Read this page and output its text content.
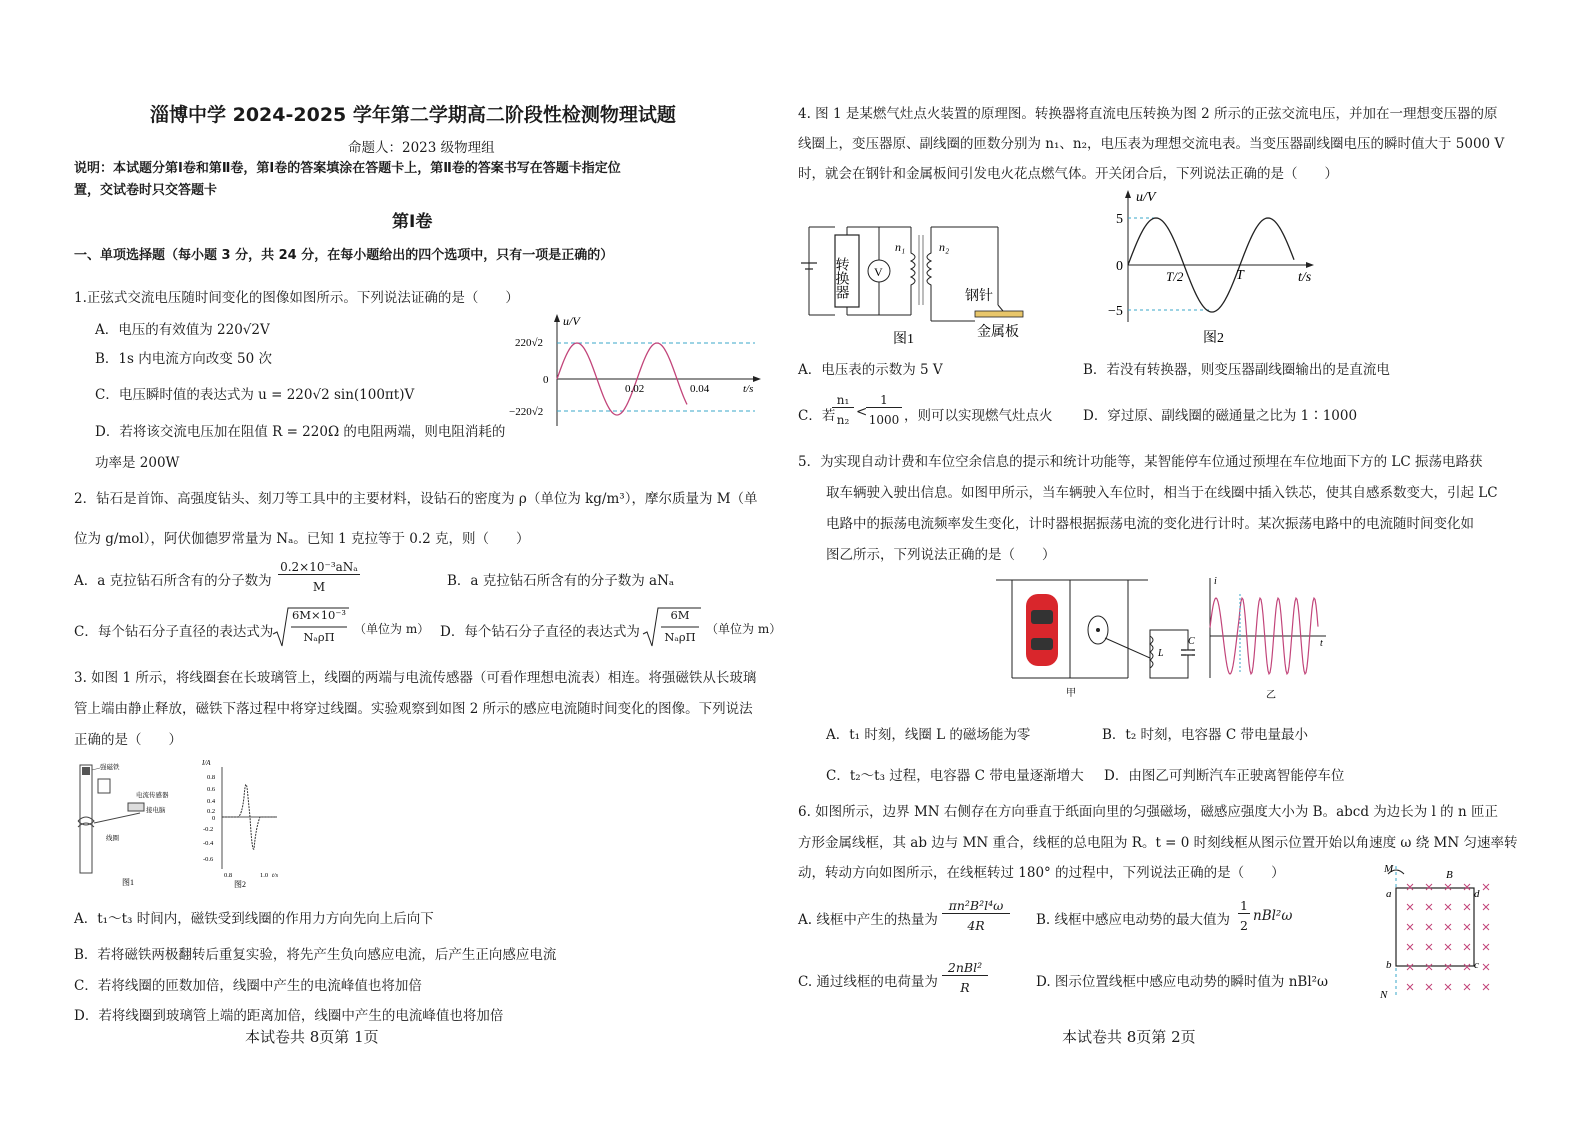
淄博中学 2024-2025 学年第二学期高二阶段性检测物理试题
命题人：2023 级物理组
说明：本试题分第Ⅰ卷和第Ⅱ卷，第Ⅰ卷的答案填涂在答题卡上，第Ⅱ卷的答案书写在答题卡指定位
置，交试卷时只交答题卡
第Ⅰ卷
一、单项选择题（每小题 3 分，共 24 分，在每小题给出的四个选项中，只有一项是正确的）
1.正弦式交流电压随时间变化的图像如图所示。下列说法证确的是（　　）
A．电压的有效值为 220√2V
B．1s 内电流方向改变 50 次
C．电压瞬时值的表达式为 u = 220√2 sin(100πt)V
D．若将该交流电压加在阻值 R = 220Ω 的电阻两端，则电阻消耗的
功率是 200W
u/V
220√2
0
−220√2
0.02	0.04	t/s
2．钻石是首饰、高强度钻头、刻刀等工具中的主要材料，设钻石的密度为 ρ（单位为 kg/m³），摩尔质量为 M（单
位为 g/mol），阿伏伽德罗常量为 Nₐ。已知 1 克拉等于 0.2 克，则（　　）
A．a 克拉钻石所含有的分子数为
0.2×10⁻³aNₐ
M	B．a 克拉钻石所含有的分子数为 aNₐ
C．每个钻石分子直径的表达式为
6M×10⁻³
NₐρΠ
（单位为 m） D．每个钻石分子直径的表达式为
6M
NₐρΠ
（单位为 m）
3. 如图 1 所示，将线圈套在长玻璃管上，线圈的两端与电流传感器（可看作理想电流表）相连。将强磁铁从长玻璃
管上端由静止释放，磁铁下落过程中将穿过线圈。实验观察到如图 2 所示的感应电流随时间变化的图像。下列说法
正确的是（　　）
强磁铁
电流传感器
接电脑
线圈
图1
I/A
0.8
0.6
0.4
0.2
0
-0.2
-0.4
-0.6
0.8	1.0 t/s
图2
A．t₁～t₃ 时间内，磁铁受到线圈的作用力方向先向上后向下
B．若将磁铁两极翻转后重复实验，将先产生负向感应电流，后产生正向感应电流
C．若将线圈的匝数加倍，线圈中产生的电流峰值也将加倍
D．若将线圈到玻璃管上端的距离加倍，线圈中产生的电流峰值也将加倍
本试卷共 8页第 1页
4. 图 1 是某燃气灶点火装置的原理图。转换器将直流电压转换为图 2 所示的正弦交流电压，并加在一理想变压器的原
线圈上，变压器原、副线圈的匝数分别为 n₁、n₂，电压表为理想交流电表。当变压器副线圈电压的瞬时值大于 5000 V
时，就会在钢针和金属板间引发电火花点燃气体。开关闭合后，下列说法正确的是（　　）
转换器 V
n₁	n₂
钢针
金属板
图1
u/V
5
0
−5
T/2	T	t/s
图2
A．电压表的示数为 5 V	B．若没有转换器，则变压器副线圈输出的是直流电
C．若
n₁
n₂ <
1
1000 ，则可以实现燃气灶点火 D．穿过原、副线圈的磁通量之比为 1∶1000
5．为实现自动计费和车位空余信息的提示和统计功能等，某智能停车位通过预埋在车位地面下方的 LC 振荡电路获
取车辆驶入驶出信息。如图甲所示，当车辆驶入车位时，相当于在线圈中插入铁芯，使其自感系数变大，引起 LC
电路中的振荡电流频率发生变化，计时器根据振荡电流的变化进行计时。某次振荡电路中的电流随时间变化如
图乙所示，下列说法正确的是（　　）
L
C
甲
i
t
乙
A．t₁ 时刻，线圈 L 的磁场能为零	B．t₂ 时刻，电容器 C 带电量最小
C．t₂～t₃ 过程，电容器 C 带电量逐渐增大 D．由图乙可判断汽车正驶离智能停车位
6. 如图所示，边界 MN 右侧存在方向垂直于纸面向里的匀强磁场，磁感应强度大小为 B。abcd 为边长为 l 的 n 匝正
方形金属线框，其 ab 边与 MN 重合，线框的总电阻为 R。t = 0 时刻线框从图示位置开始以角速度 ω 绕 MN 匀速率转
动，转动方向如图所示，在线框转过 180° 的过程中，下列说法正确的是（　　）
A. 线框中产生的热量为
πn²B²l⁴ω
4R	B. 线框中感应电动势的最大值为
1
2
nBl²ω
C. 通过线框的电荷量为
2nBl²
R	D. 图示位置线框中感应电动势的瞬时值为 nBl²ω
M
N
B
a
b	c
d
本试卷共 8页第 2页
